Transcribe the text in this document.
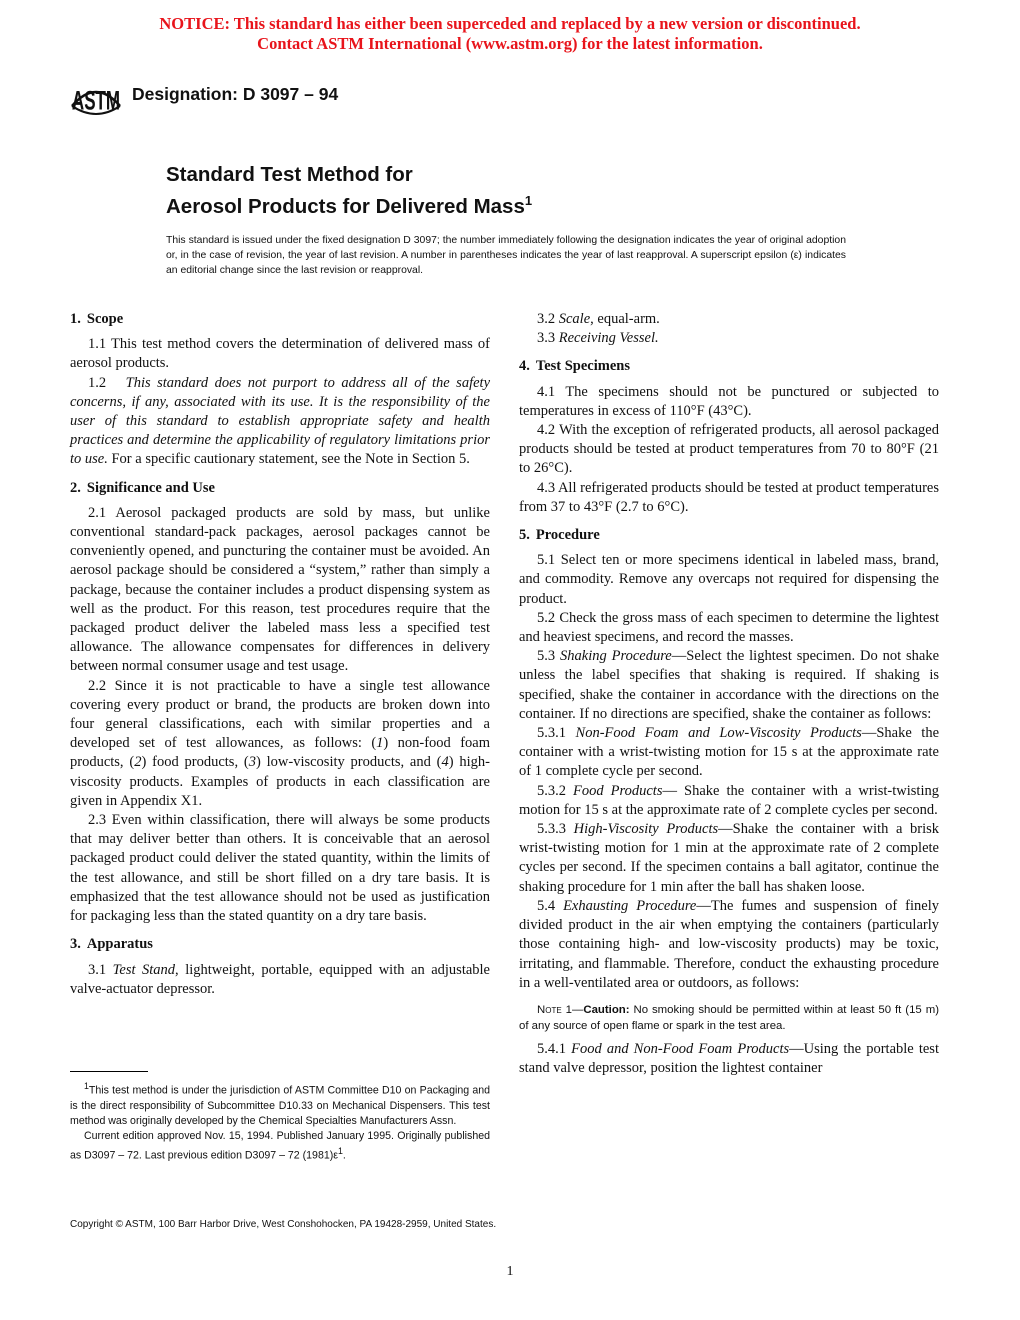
NOTICE: This standard has either been superceded and replaced by a new version or discontinued.
Contact ASTM International (www.astm.org) for the latest information.
ASTM Designation: D 3097 – 94
Standard Test Method for
Aerosol Products for Delivered Mass$^1$
This standard is issued under the fixed designation D 3097; the number immediately following the designation indicates the year of original adoption or, in the case of revision, the year of last revision. A number in parentheses indicates the year of last reapproval. A superscript epsilon (ε) indicates an editorial change since the last revision or reapproval.
1. Scope

1.1 This test method covers the determination of delivered mass of aerosol products.

1.2 This standard does not purport to address all of the safety concerns, if any, associated with its use. It is the responsibility of the user of this standard to establish appropriate safety and health practices and determine the applicability of regulatory limitations prior to use. For a specific cautionary statement, see the Note in Section 5.

2. Significance and Use

2.1 Aerosol packaged products are sold by mass, but unlike conventional standard-pack packages, aerosol packages cannot be conveniently opened, and puncturing the container must be avoided. An aerosol package should be considered a “system,” rather than simply a package, because the container includes a product dispensing system as well as the product. For this reason, test procedures require that the packaged product deliver the labeled mass less a specified test allowance. The allowance compensates for differences in delivery between normal consumer usage and test usage.

2.2 Since it is not practicable to have a single test allowance covering every product or brand, the products are broken down into four general classifications, each with similar properties and a developed set of test allowances, as follows: (1) non-food foam products, (2) food products, (3) low-viscosity products, and (4) high-viscosity products. Examples of products in each classification are given in Appendix X1.

2.3 Even within classification, there will always be some products that may deliver better than others. It is conceivable that an aerosol packaged product could deliver the stated quantity, within the limits of the test allowance, and still be short filled on a dry tare basis. It is emphasized that the test allowance should not be used as justification for packaging less than the stated quantity on a dry tare basis.

3. Apparatus

3.1 Test Stand, lightweight, portable, equipped with an adjustable valve-actuator depressor.

3.2 Scale, equal-arm.

3.3 Receiving Vessel.

4. Test Specimens

4.1 The specimens should not be punctured or subjected to temperatures in excess of 110°F (43°C).

4.2 With the exception of refrigerated products, all aerosol packaged products should be tested at product temperatures from 70 to 80°F (21 to 26°C).

4.3 All refrigerated products should be tested at product temperatures from 37 to 43°F (2.7 to 6°C).

5. Procedure

5.1 Select ten or more specimens identical in labeled mass, brand, and commodity. Remove any overcaps not required for dispensing the product.

5.2 Check the gross mass of each specimen to determine the lightest and heaviest specimens, and record the masses.

5.3 Shaking Procedure—Select the lightest specimen. Do not shake unless the label specifies that shaking is required. If shaking is specified, shake the container in accordance with the directions on the container. If no directions are specified, shake the container as follows:

5.3.1 Non-Food Foam and Low-Viscosity Products—Shake the container with a wrist-twisting motion for 15 s at the approximate rate of 1 complete cycle per second.

5.3.2 Food Products— Shake the container with a wrist-twisting motion for 15 s at the approximate rate of 2 complete cycles per second.

5.3.3 High-Viscosity Products—Shake the container with a brisk wrist-twisting motion for 1 min at the approximate rate of 2 complete cycles per second. If the specimen contains a ball agitator, continue the shaking procedure for 1 min after the ball has shaken loose.

5.4 Exhausting Procedure—The fumes and suspension of finely divided product in the air when emptying the containers (particularly those containing high- and low-viscosity products) may be toxic, irritating, and flammable. Therefore, conduct the exhausting procedure in a well-ventilated area or outdoors, as follows:

Note 1—Caution: No smoking should be permitted within at least 50 ft (15 m) of any source of open flame or spark in the test area.

5.4.1 Food and Non-Food Foam Products—Using the portable test stand valve depressor, position the lightest container

$^1$This test method is under the jurisdiction of ASTM Committee D10 on Packaging and is the direct responsibility of Subcommittee D10.33 on Mechanical Dispensers. This test method was originally developed by the Chemical Specialties Manufacturers Assn.

Current edition approved Nov. 15, 1994. Published January 1995. Originally published as D3097 – 72. Last previous edition D3097 – 72 $(1981)\varepsilon^1$.

Copyright © ASTM, 100 Barr Harbor Drive, West Conshohocken, PA 19428-2959, United States.
1
